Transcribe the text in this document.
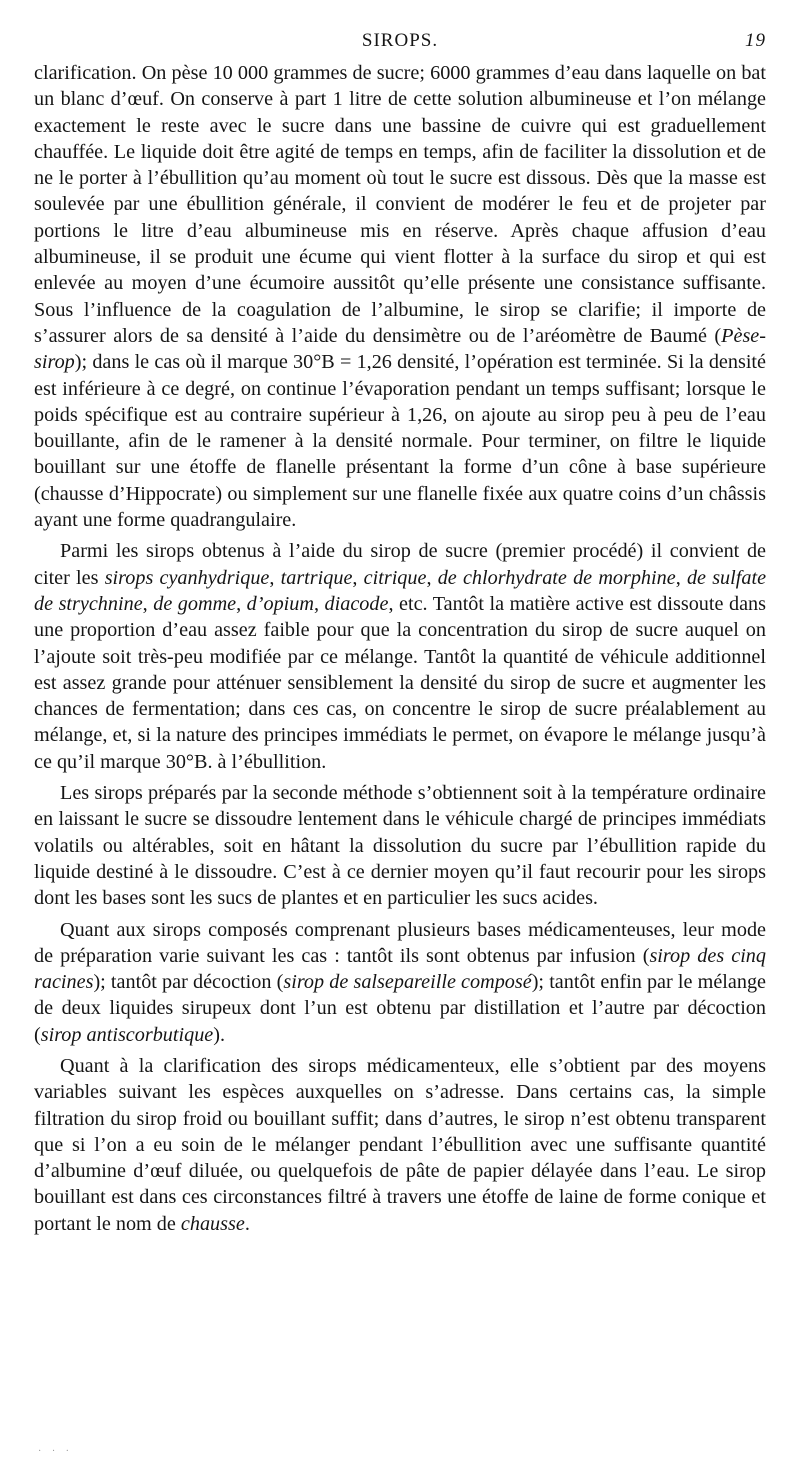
SIROPS.	19

clarification. On pèse 10 000 grammes de sucre; 6000 grammes d’eau dans laquelle on bat un blanc d’œuf. On conserve à part 1 litre de cette solution albumineuse et l’on mélange exactement le reste avec le sucre dans une bassine de cuivre qui est graduellement chauffée. Le liquide doit être agité de temps en temps, afin de faciliter la dissolution et de ne le porter à l’ébullition qu’au moment où tout le sucre est dissous. Dès que la masse est soulevée par une ébullition générale, il convient de modérer le feu et de projeter par portions le litre d’eau albumineuse mis en réserve. Après chaque affusion d’eau albumineuse, il se produit une écume qui vient flotter à la surface du sirop et qui est enlevée au moyen d’une écumoire aussitôt qu’elle présente une consistance suffisante. Sous l’influence de la coagulation de l’albumine, le sirop se clarifie; il importe de s’assurer alors de sa densité à l’aide du densimètre ou de l’aréomètre de Baumé (Pèse-sirop); dans le cas où il marque 30°B = 1,26 densité, l’opération est terminée. Si la densité est inférieure à ce degré, on continue l’évaporation pendant un temps suffisant; lorsque le poids spécifique est au contraire supérieur à 1,26, on ajoute au sirop peu à peu de l’eau bouillante, afin de le ramener à la densité normale. Pour terminer, on filtre le liquide bouillant sur une étoffe de flanelle présentant la forme d’un cône à base supérieure (chausse d’Hippocrate) ou simplement sur une flanelle fixée aux quatre coins d’un châssis ayant une forme quadrangulaire.

Parmi les sirops obtenus à l’aide du sirop de sucre (premier procédé) il convient de citer les sirops cyanhydrique, tartrique, citrique, de chlorhydrate de morphine, de sulfate de strychnine, de gomme, d’opium, diacode, etc. Tantôt la matière active est dissoute dans une proportion d’eau assez faible pour que la concentration du sirop de sucre auquel on l’ajoute soit très-peu modifiée par ce mélange. Tantôt la quantité de véhicule additionnel est assez grande pour atténuer sensiblement la densité du sirop de sucre et augmenter les chances de fermentation; dans ces cas, on concentre le sirop de sucre préalablement au mélange, et, si la nature des principes immédiats le permet, on évapore le mélange jusqu’à ce qu’il marque 30°B. à l’ébullition.

Les sirops préparés par la seconde méthode s’obtiennent soit à la température ordinaire en laissant le sucre se dissoudre lentement dans le véhicule chargé de principes immédiats volatils ou altérables, soit en hâtant la dissolution du sucre par l’ébullition rapide du liquide destiné à le dissoudre. C’est à ce dernier moyen qu’il faut recourir pour les sirops dont les bases sont les sucs de plantes et en particulier les sucs acides.

Quant aux sirops composés comprenant plusieurs bases médicamenteuses, leur mode de préparation varie suivant les cas : tantôt ils sont obtenus par infusion (sirop des cinq racines); tantôt par décoction (sirop de salsepareille composé); tantôt enfin par le mélange de deux liquides sirupeux dont l’un est obtenu par distillation et l’autre par décoction (sirop antiscorbutique).

Quant à la clarification des sirops médicamenteux, elle s’obtient par des moyens variables suivant les espèces auxquelles on s’adresse. Dans certains cas, la simple filtration du sirop froid ou bouillant suffit; dans d’autres, le sirop n’est obtenu transparent que si l’on a eu soin de le mélanger pendant l’ébullition avec une suffisante quantité d’albumine d’œuf diluée, ou quelquefois de pâte de papier délayée dans l’eau. Le sirop bouillant est dans ces circonstances filtré à travers une étoffe de laine de forme conique et portant le nom de chausse.

· · ·
